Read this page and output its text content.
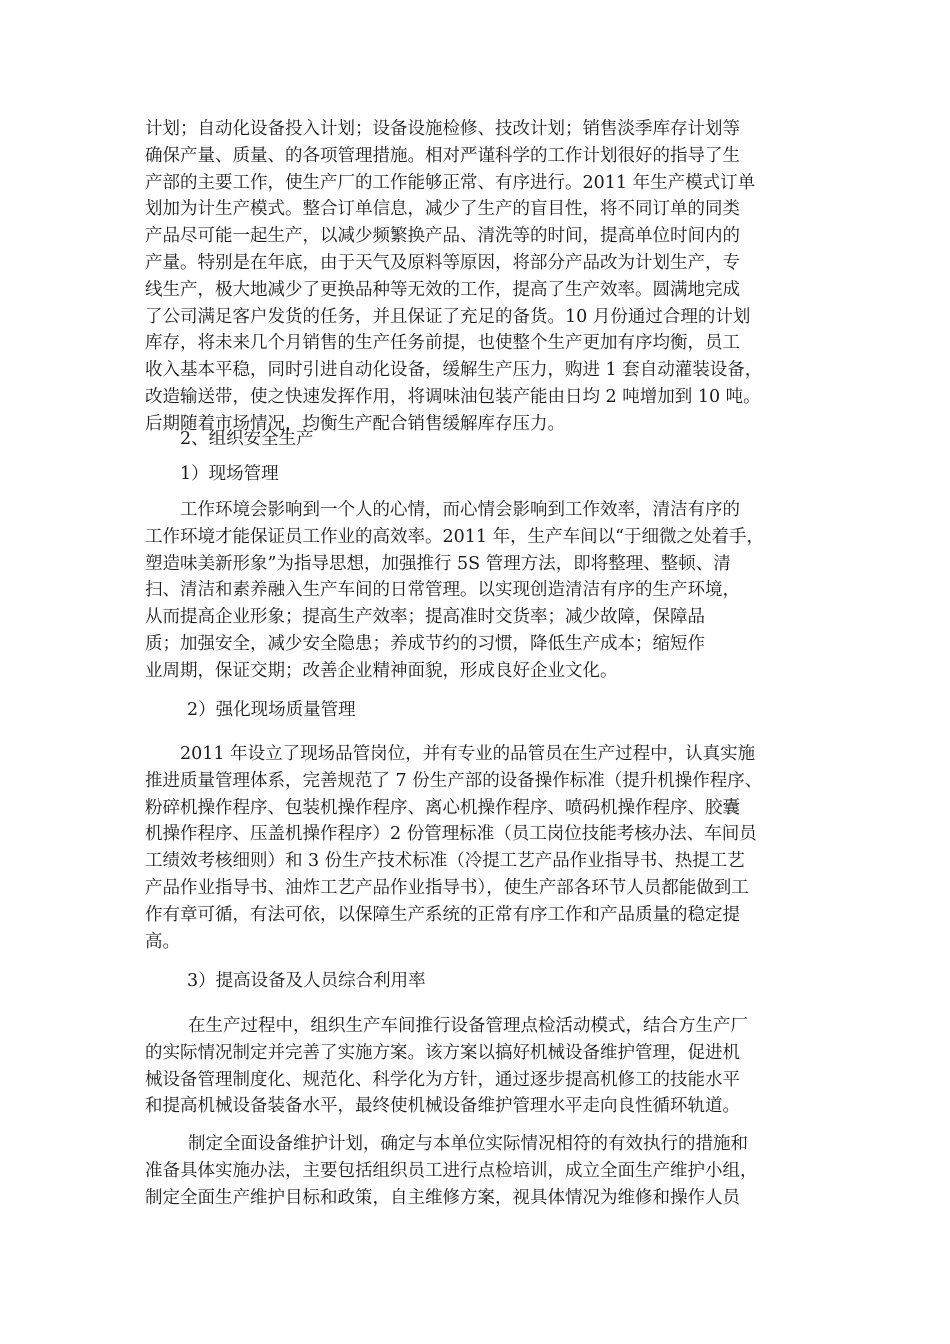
计划；自动化设备投入计划；设备设施检修、技改计划；销售淡季库存计划等
确保产量、质量、的各项管理措施。相对严谨科学的工作计划很好的指导了生
产部的主要工作，使生产厂的工作能够正常、有序进行。2011 年生产模式订单
划加为计生产模式。整合订单信息，减少了生产的盲目性，将不同订单的同类
产品尽可能一起生产，以减少频繁换产品、清洗等的时间，提高单位时间内的
产量。特别是在年底，由于天气及原料等原因，将部分产品改为计划生产，专
线生产，极大地减少了更换品种等无效的工作，提高了生产效率。圆满地完成
了公司满足客户发货的任务，并且保证了充足的备货。10 月份通过合理的计划
库存，将未来几个月销售的生产任务前提，也使整个生产更加有序均衡，员工
收入基本平稳，同时引进自动化设备，缓解生产压力，购进 1 套自动灌装设备，
改造输送带，使之快速发挥作用，将调味油包装产能由日均 2 吨增加到 10 吨。
后期随着市场情况，均衡生产配合销售缓解库存压力。
2、组织安全生产
1）现场管理
工作环境会影响到一个人的心情，而心情会影响到工作效率，清洁有序的
工作环境才能保证员工作业的高效率。2011 年，生产车间以“于细微之处着手，
塑造味美新形象”为指导思想，加强推行 5S 管理方法，即将整理、整顿、清
扫、清洁和素养融入生产车间的日常管理。以实现创造清洁有序的生产环境，
从而提高企业形象；提高生产效率；提高准时交货率；减少故障，保障品
质；加强安全，减少安全隐患；养成节约的习惯，降低生产成本；缩短作
业周期，保证交期；改善企业精神面貌，形成良好企业文化。
2）强化现场质量管理
2011 年设立了现场品管岗位，并有专业的品管员在生产过程中，认真实施
推进质量管理体系，完善规范了 7 份生产部的设备操作标准（提升机操作程序、
粉碎机操作程序、包装机操作程序、离心机操作程序、喷码机操作程序、胶囊
机操作程序、压盖机操作程序）2 份管理标准（员工岗位技能考核办法、车间员
工绩效考核细则）和 3 份生产技术标准（冷提工艺产品作业指导书、热提工艺
产品作业指导书、油炸工艺产品作业指导书），使生产部各环节人员都能做到工
作有章可循，有法可依，以保障生产系统的正常有序工作和产品质量的稳定提
高。
3）提高设备及人员综合利用率
在生产过程中，组织生产车间推行设备管理点检活动模式，结合方生产厂
的实际情况制定并完善了实施方案。该方案以搞好机械设备维护管理，促进机
械设备管理制度化、规范化、科学化为方针，通过逐步提高机修工的技能水平
和提高机械设备装备水平，最终使机械设备维护管理水平走向良性循环轨道。
制定全面设备维护计划，确定与本单位实际情况相符的有效执行的措施和
准备具体实施办法，主要包括组织员工进行点检培训，成立全面生产维护小组，
制定全面生产维护目标和政策，自主维修方案，视具体情况为维修和操作人员
